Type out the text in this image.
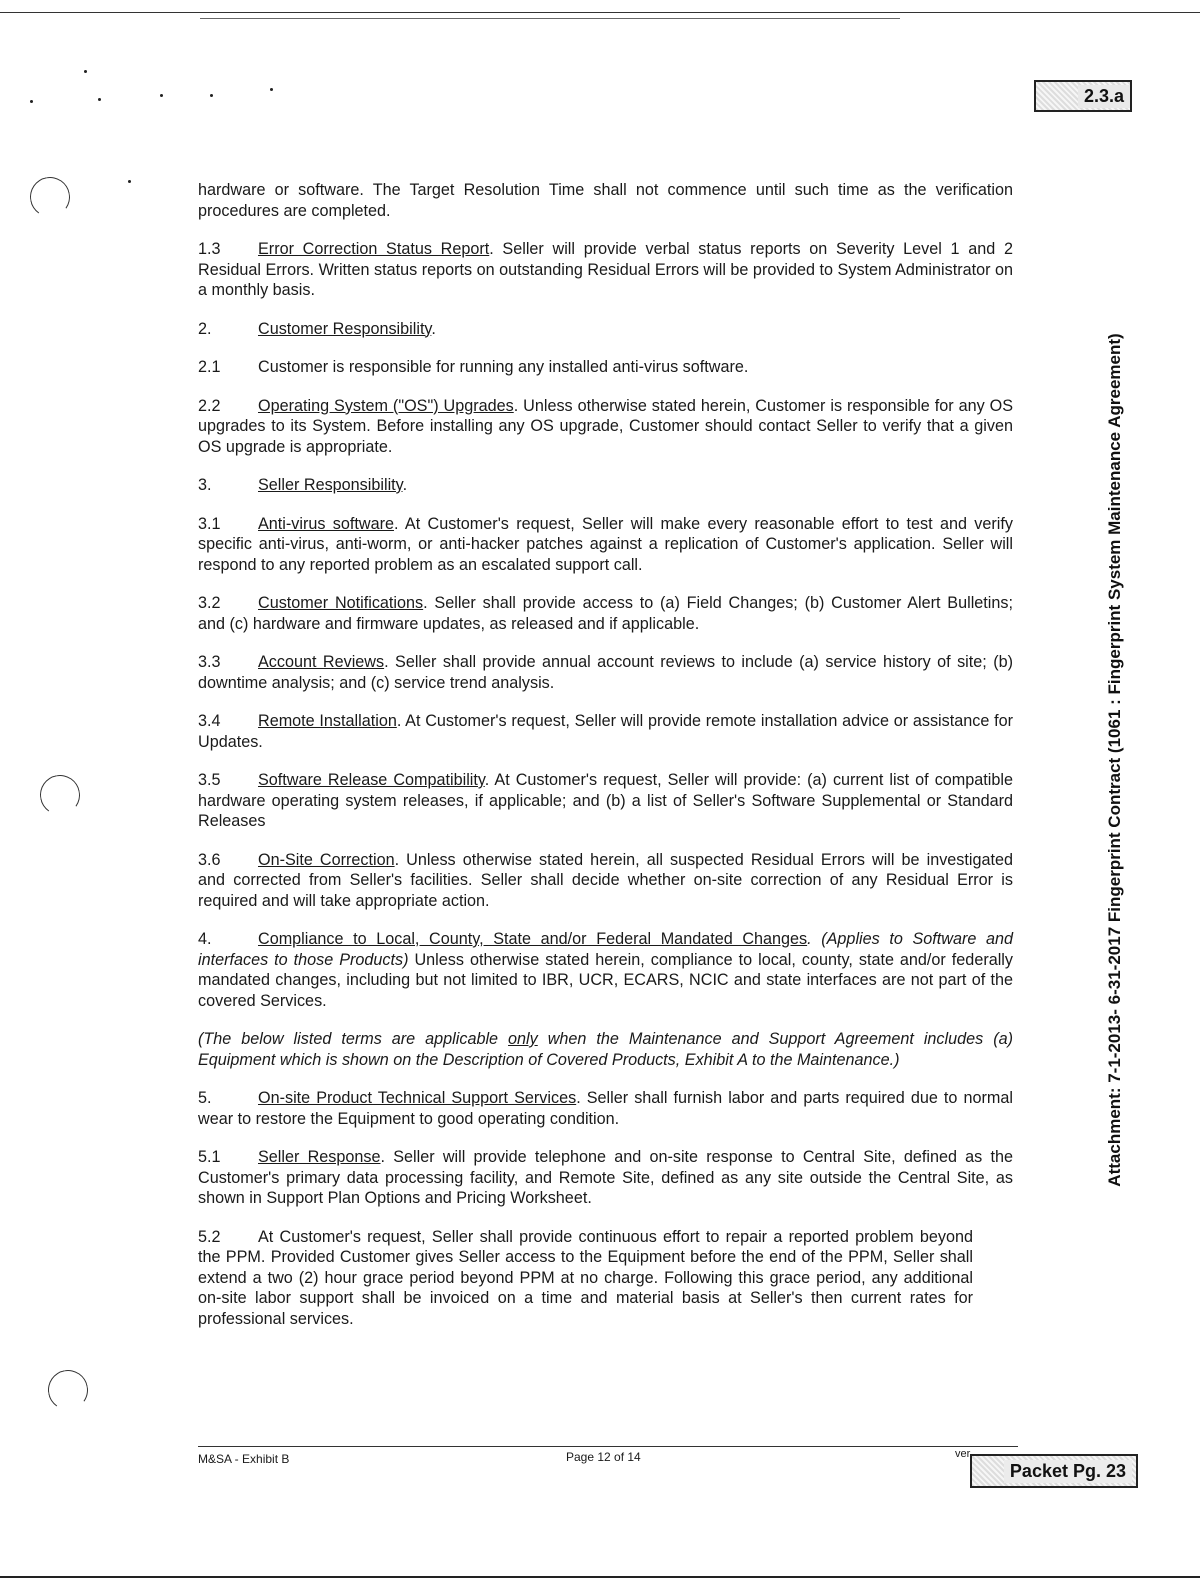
2.3.a
Attachment: 7-1-2013- 6-31-2017 Fingerprint Contract (1061 : Fingerprint System Maintenance Agreement)

hardware or software. The Target Resolution Time shall not commence until such time as the verification procedures are completed.

1.3 Error Correction Status Report. Seller will provide verbal status reports on Severity Level 1 and 2 Residual Errors. Written status reports on outstanding Residual Errors will be provided to System Administrator on a monthly basis.

2.	Customer Responsibility.

2.1 Customer is responsible for running any installed anti-virus software.

2.2 Operating System ("OS") Upgrades. Unless otherwise stated herein, Customer is responsible for any OS upgrades to its System. Before installing any OS upgrade, Customer should contact Seller to verify that a given OS upgrade is appropriate.

3.	Seller Responsibility.

3.1 Anti-virus software. At Customer's request, Seller will make every reasonable effort to test and verify specific anti-virus, anti-worm, or anti-hacker patches against a replication of Customer's application. Seller will respond to any reported problem as an escalated support call.

3.2 Customer Notifications. Seller shall provide access to (a) Field Changes; (b) Customer Alert Bulletins; and (c) hardware and firmware updates, as released and if applicable.

3.3 Account Reviews. Seller shall provide annual account reviews to include (a) service history of site; (b) downtime analysis; and (c) service trend analysis.

3.4 Remote Installation. At Customer's request, Seller will provide remote installation advice or assistance for Updates.

3.5 Software Release Compatibility. At Customer's request, Seller will provide: (a) current list of compatible hardware operating system releases, if applicable; and (b) a list of Seller's Software Supplemental or Standard Releases

3.6 On-Site Correction. Unless otherwise stated herein, all suspected Residual Errors will be investigated and corrected from Seller's facilities. Seller shall decide whether on-site correction of any Residual Error is required and will take appropriate action.

4.	Compliance to Local, County, State and/or Federal Mandated Changes. (Applies to Software and interfaces to those Products) Unless otherwise stated herein, compliance to local, county, state and/or federally mandated changes, including but not limited to IBR, UCR, ECARS, NCIC and state interfaces are not part of the covered Services.

(The below listed terms are applicable only when the Maintenance and Support Agreement includes (a) Equipment which is shown on the Description of Covered Products, Exhibit A to the Maintenance.)

5.	On-site Product Technical Support Services. Seller shall furnish labor and parts required due to normal wear to restore the Equipment to good operating condition.

5.1 Seller Response. Seller will provide telephone and on-site response to Central Site, defined as the Customer's primary data processing facility, and Remote Site, defined as any site outside the Central Site, as shown in Support Plan Options and Pricing Worksheet.

5.2 At Customer's request, Seller shall provide continuous effort to repair a reported problem beyond the PPM. Provided Customer gives Seller access to the Equipment before the end of the PPM, Seller shall extend a two (2) hour grace period beyond PPM at no charge. Following this grace period, any additional on-site labor support shall be invoiced on a time and material basis at Seller's then current rates for professional services.

M&SA - Exhibit B	Page 12 of 14	ver
Packet Pg. 23
